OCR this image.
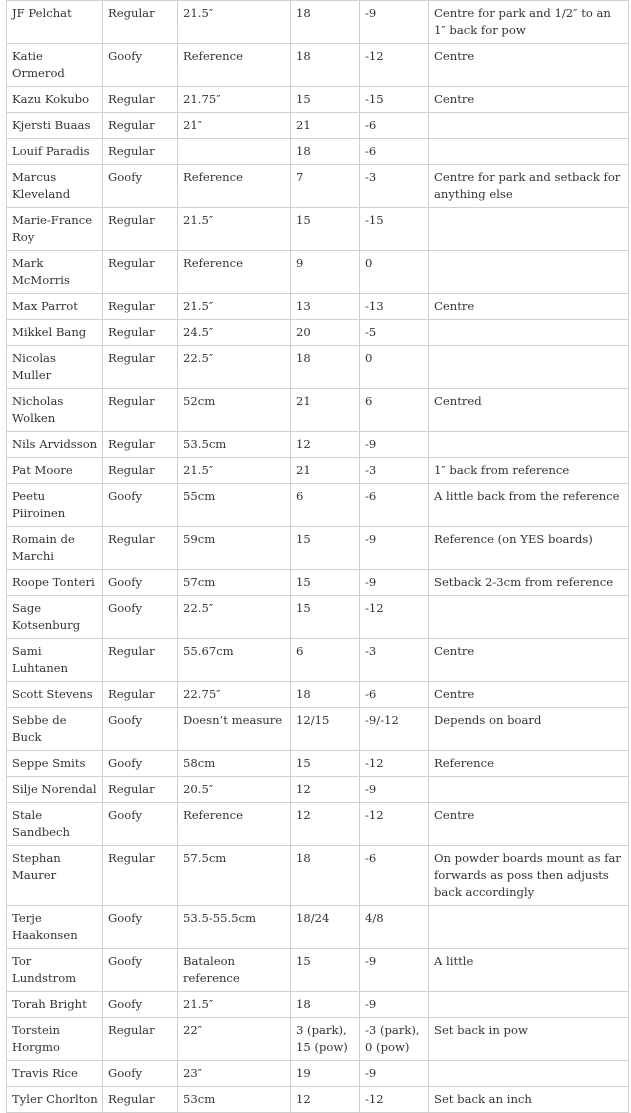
JF Pelchat	Regular	21.5″	18	-9	Centre for park and 1/2″ to an 1″ back for pow
Katie Ormerod	Goofy	Reference	18	-12	Centre
Kazu Kokubo	Regular	21.75″	15	-15	Centre
Kjersti Buaas	Regular	21″	21	-6	
Louif Paradis	Regular		18	-6	
Marcus Kleveland	Goofy	Reference	7	-3	Centre for park and setback for anything else
Marie-France Roy	Regular	21.5″	15	-15	
Mark McMorris	Regular	Reference	9	0	
Max Parrot	Regular	21.5″	13	-13	Centre
Mikkel Bang	Regular	24.5″	20	-5	
Nicolas Muller	Regular	22.5″	18	0	
Nicholas Wolken	Regular	52cm	21	6	Centred
Nils Arvidsson	Regular	53.5cm	12	-9	
Pat Moore	Regular	21.5″	21	-3	1″ back from reference
Peetu Piiroinen	Goofy	55cm	6	-6	A little back from the reference
Romain de Marchi	Regular	59cm	15	-9	Reference (on YES boards)
Roope Tonteri	Goofy	57cm	15	-9	Setback 2-3cm from reference
Sage Kotsenburg	Goofy	22.5″	15	-12	
Sami Luhtanen	Regular	55.67cm	6	-3	Centre
Scott Stevens	Regular	22.75″	18	-6	Centre
Sebbe de Buck	Goofy	Doesn’t measure	12/15	-9/-12	Depends on board
Seppe Smits	Goofy	58cm	15	-12	Reference
Silje Norendal	Regular	20.5″	12	-9	
Stale Sandbech	Goofy	Reference	12	-12	Centre
Stephan Maurer	Regular	57.5cm	18	-6	On powder boards mount as far forwards as poss then adjusts back accordingly
Terje Haakonsen	Goofy	53.5-55.5cm	18/24	4/8	
Tor Lundstrom	Goofy	Bataleon reference	15	-9	A little
Torah Bright	Goofy	21.5″	18	-9	
Torstein Horgmo	Regular	22″	3 (park), 15 (pow)	-3 (park), 0 (pow)	Set back in pow
Travis Rice	Goofy	23″	19	-9	
Tyler Chorlton	Regular	53cm	12	-12	Set back an inch
